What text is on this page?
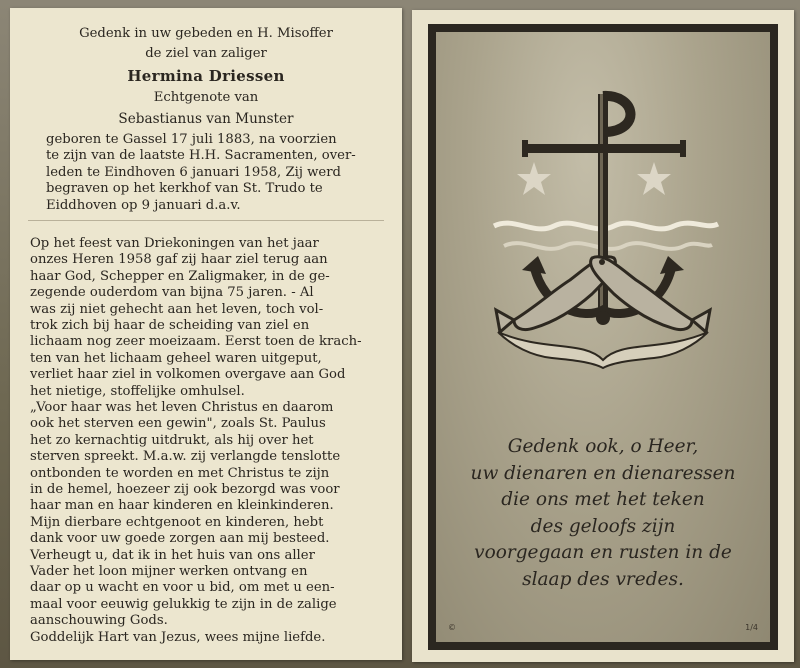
Gedenk in uw gebeden en H. Misoffer
de ziel van zaliger
Hermina Driessen
Echtgenote van
Sebastianus van Munster

geboren te Gassel 17 juli 1883, na voorzien
te zijn van de laatste H.H. Sacramenten, over-
leden te Eindhoven 6 januari 1958, Zij werd
begraven op het kerkhof van St. Trudo te
Eiddhoven op 9 januari d.a.v.

Op het feest van Driekoningen van het jaar
onzes Heren 1958 gaf zij haar ziel terug aan
haar God, Schepper en Zaligmaker, in de ge-
zegende ouderdom van bijna 75 jaren. - Al
was zij niet gehecht aan het leven, toch vol-
trok zich bij haar de scheiding van ziel en
lichaam nog zeer moeizaam. Eerst toen de krach-
ten van het lichaam geheel waren uitgeput,
verliet haar ziel in volkomen overgave aan God
het nietige, stoffelijke omhulsel.

„Voor haar was het leven Christus en daarom
ook het sterven een gewin", zoals St. Paulus
het zo kernachtig uitdrukt, als hij over het
sterven spreekt. M.a.w. zij verlangde tenslotte
ontbonden te worden en met Christus te zijn
in de hemel, hoezeer zij ook bezorgd was voor
haar man en haar kinderen en kleinkinderen.
Mijn dierbare echtgenoot en kinderen, hebt
dank voor uw goede zorgen aan mij besteed.
Verheugt u, dat ik in het huis van ons aller
Vader het loon mijner werken ontvang en
daar op u wacht en voor u bid, om met u een-
maal voor eeuwig gelukkig te zijn in de zalige
aanschouwing Gods.

Goddelijk Hart van Jezus, wees mijne liefde.

Gedenk ook, o Heer,
uw dienaren en dienaressen
die ons met het teken
des geloofs zijn
voorgegaan en rusten in de
slaap des vredes.
©	1/4
